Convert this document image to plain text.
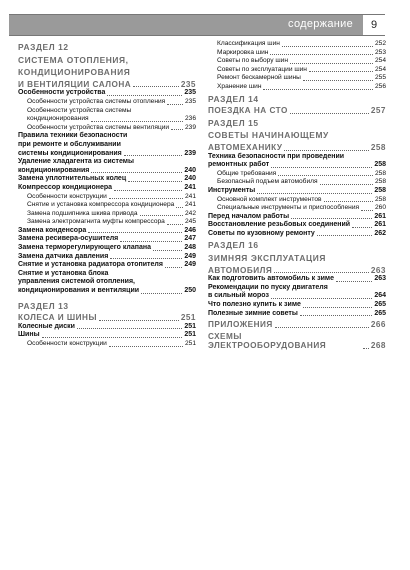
содержание	9
РАЗДЕЛ 12
СИСТЕМА ОТОПЛЕНИЯ,
КОНДИЦИОНИРОВАНИЯ
И ВЕНТИЛЯЦИИ САЛОНА	235
Особенности устройства	235
Особенности устройства системы отопления	235
Особенности устройства системы
кондиционирования	236
Особенности устройства системы вентиляции 239
Правила техники безопасности
при ремонте и обслуживании
системы кондиционирования	239
Удаление хладагента из системы
кондиционирования	240
Замена уплотнительных колец	240
Компрессор кондиционера	241
Особенности конструкции	241
Снятие и установка компрессора кондиционера 241
Замена подшипника шкива привода	242
Замена электромагнита муфты компрессора	245
Замена конденсора	246
Замена ресивера-осушителя	247
Замена терморегулирующего клапана	248
Замена датчика давления	249
Снятие и установка радиатора отопителя	249
Снятие и установка блока
управления системой отопления,
кондиционирования и вентиляции	250
РАЗДЕЛ 13
КОЛЕСА И ШИНЫ	251
Колесные диски	251
Шины	251
Особенности конструкции	251
Классификация шин	252
Маркировка шин	253
Советы по выбору шин	254
Советы по эксплуатации шин	254
Ремонт бескамерной шины	255
Хранение шин	256
РАЗДЕЛ 14
ПОЕЗДКА НА СТО	257
РАЗДЕЛ 15
СОВЕТЫ НАЧИНАЮЩЕМУ
АВТОМЕХАНИКУ	258
Техника безопасности при проведении
ремонтных работ	258
Общие требования	258
Безопасный подъем автомобиля	258
Инструменты	258
Основной комплект инструментов	258
Специальные инструменты и приспособления 260
Перед началом работы	261
Восстановление резьбовых соединений	261
Советы по кузовному ремонту	262
РАЗДЕЛ 16
ЗИМНЯЯ ЭКСПЛУАТАЦИЯ
АВТОМОБИЛЯ	263
Как подготовить автомобиль к зиме	263
Рекомендации по пуску двигателя
в сильный мороз	264
Что полезно купить к зиме	265
Полезные зимние советы	265
ПРИЛОЖЕНИЯ	266
СХЕМЫ ЭЛЕКТРООБОРУДОВАНИЯ	268
